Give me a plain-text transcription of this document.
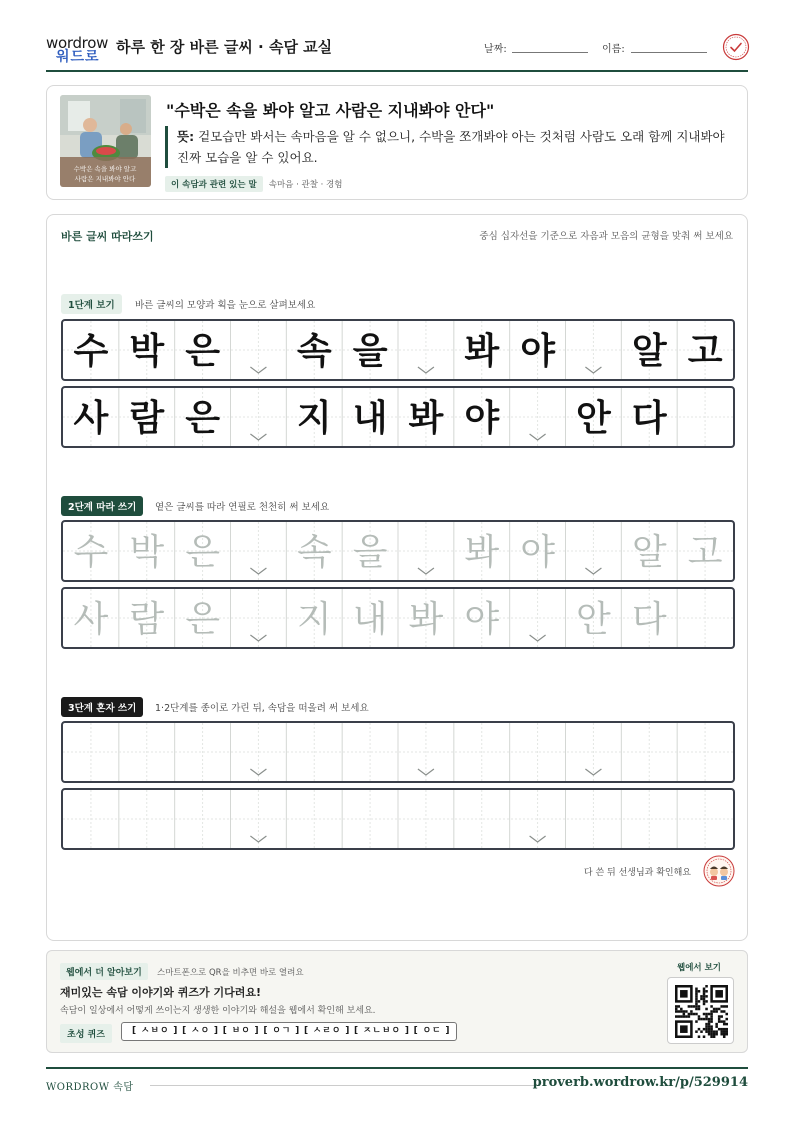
wordrow
워드로
하루 한 장 바른 글씨 · 속담 교실	날짜:	이름:
수박은 속을 봐야 알고
사람은 지내봐야 안다
"수박은 속을 봐야 알고 사람은 지내봐야 안다"
뜻: 겉모습만 봐서는 속마음을 알 수 없으니, 수박을 쪼개봐야 아는 것처럼 사람도 오래 함께 지내봐야 진짜 모습을 알 수 있어요.
이 속담과 관련 있는 말	속마음 · 관찰 · 경험
바른 글씨 따라쓰기	중심 십자선을 기준으로 자음과 모음의 균형을 맞춰 써 보세요
1단계 보기	바른 글씨의 모양과 획을 눈으로 살펴보세요
수 박 은 속 을 봐 야 알 고
사 람 은 지 내 봐 야 안 다
2단계 따라 쓰기	옅은 글씨를 따라 연필로 천천히 써 보세요
수 박 은 속 을 봐 야 알 고
사 람 은 지 내 봐 야 안 다
3단계 혼자 쓰기	1·2단계를 종이로 가린 뒤, 속담을 떠올려 써 보세요
다 쓴 뒤 선생님과 확인해요
웹에서 더 알아보기	스마트폰으로 QR을 비추면 바로 열려요
재미있는 속담 이야기와 퀴즈가 기다려요!
속담이 일상에서 어떻게 쓰이는지 생생한 이야기와 해설을 웹에서 확인해 보세요.
초성 퀴즈	[ ㅅㅂㅇ ] [ ㅅㅇ ] [ ㅂㅇ ] [ ㅇㄱ ] [ ㅅㄹㅇ ] [ ㅈㄴㅂㅇ ] [ ㅇㄷ ]
웹에서 보기
WORDROW 속담	proverb.wordrow.kr/p/529914
